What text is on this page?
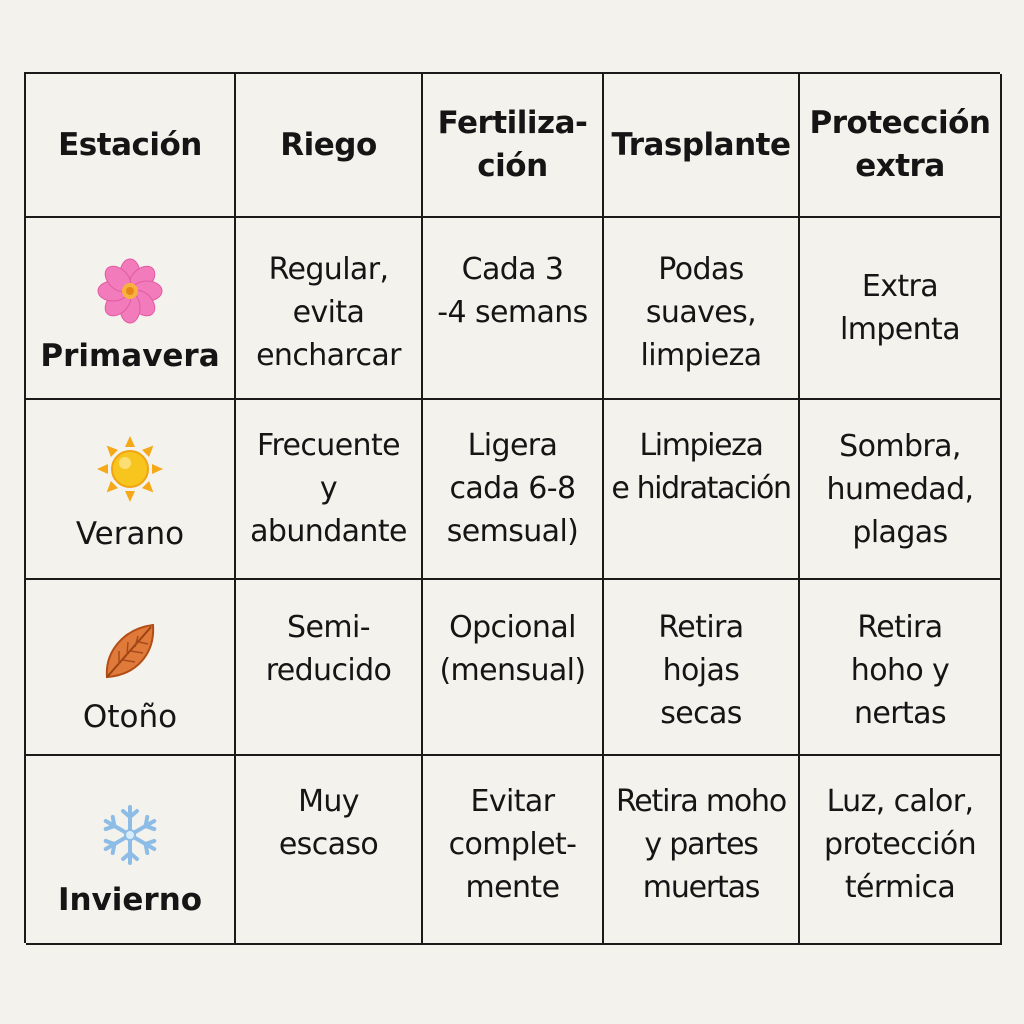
Estación	Riego
Fertiliza-
ción
Trasplante
Protección
extra
Primavera
Regular,
evita
encharcar
Cada 3
-4 semans
Podas
suaves,
limpieza
Extra
lmpenta
Verano
Frecuente
y
abundante
Ligera
cada 6-8
semsual)
Limpieza
e hidratación
Sombra,
humedad,
plagas
Otoño
Semi-
reducido
Opcional
(mensual)
Retira
hojas
secas
Retira
hoho y
nertas
Invierno
Muy
escaso
Evitar
complet-
mente
Retira moho
y partes
muertas
Luz, calor,
protección
térmica
